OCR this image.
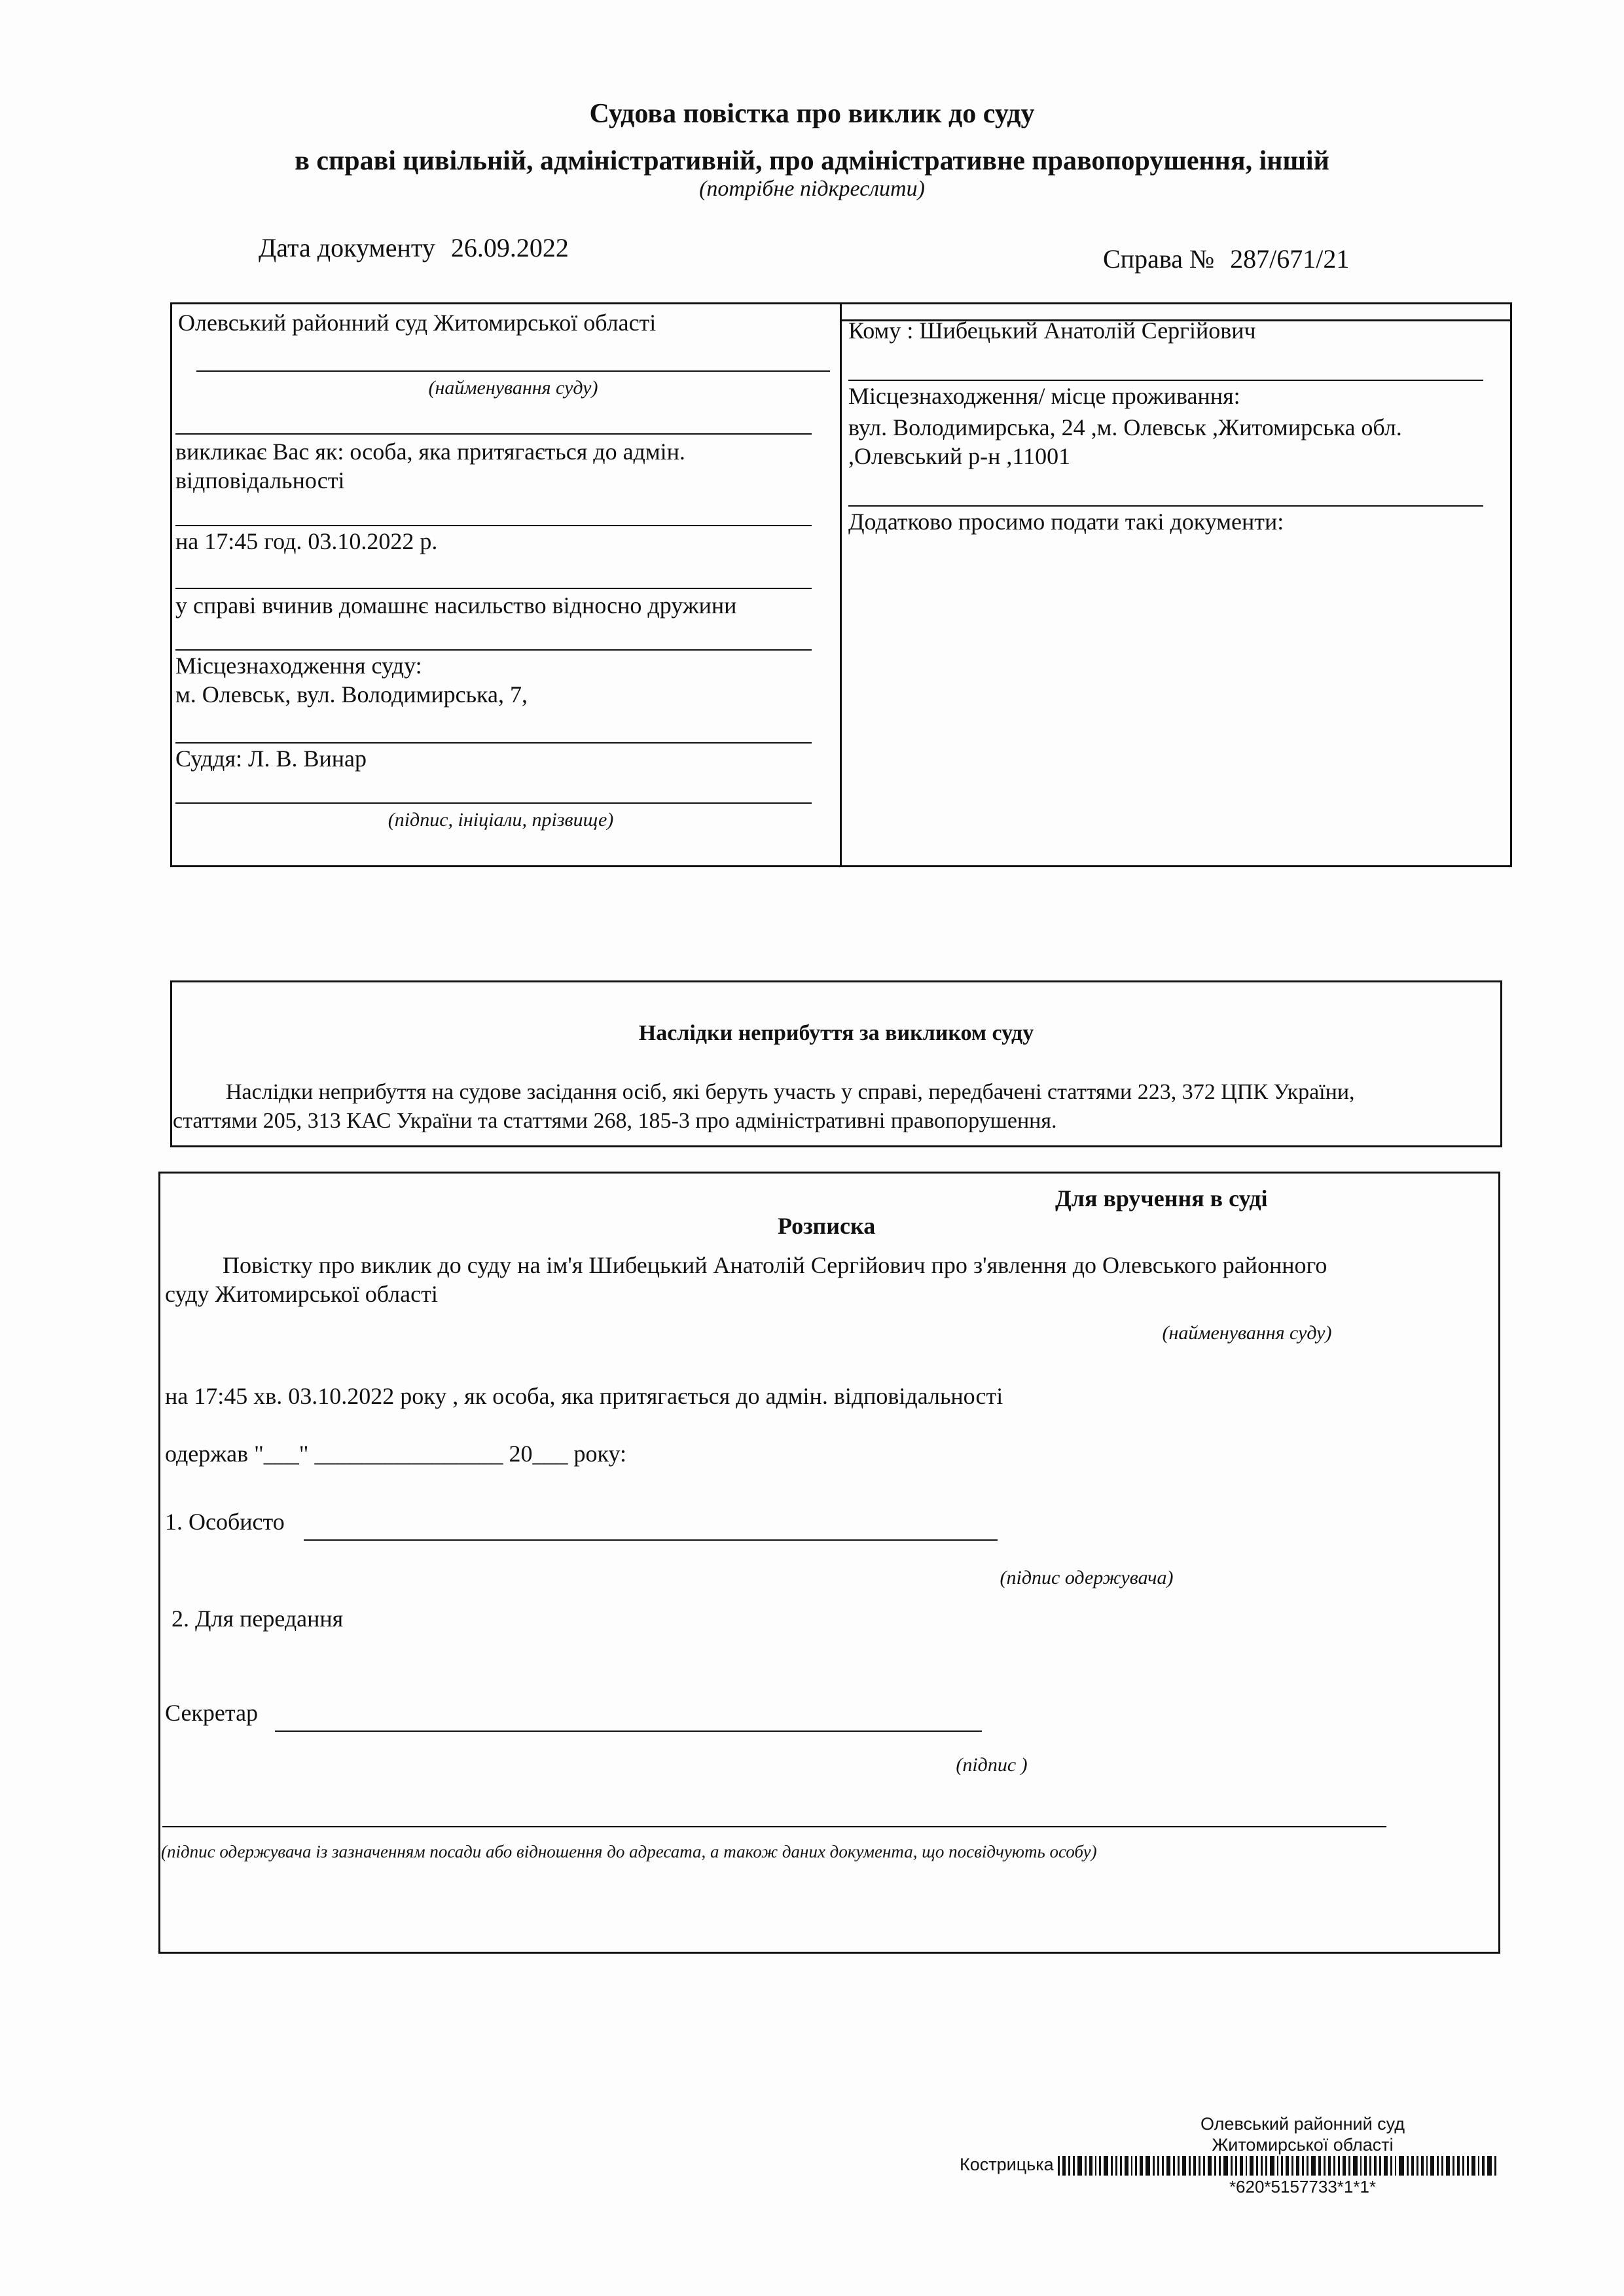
Судова повістка про виклик до суду
в справі цивільній, адміністративній, про адміністративне правопорушення, іншій
(потрібне підкреслити)
Дата документу 26.09.2022	Справа № 287/671/21
Олевський районний суд Житомирської області
(найменування суду)
викликає Вас як: особа, яка притягається до адмін. відповідальності
на 17:45 год. 03.10.2022 р.
у справі вчинив домашнє насильство відносно дружини
Місцезнаходження суду:
м. Олевськ, вул. Володимирська, 7,
Суддя: Л. В. Винар
(підпис, ініціали, прізвище)
Кому : Шибецький Анатолій Сергійович
Місцезнаходження/ місце проживання:
вул. Володимирська, 24 ,м. Олевськ ,Житомирська обл.
,Олевський р-н ,11001
Додатково просимо подати такі документи:
Наслідки неприбуття за викликом суду
Наслідки неприбуття на судове засідання осіб, які беруть участь у справі, передбачені статтями 223, 372 ЦПК України,
статтями 205, 313 КАС України та статтями 268, 185-3 про адміністративні правопорушення.
Для вручення в суді
Розписка
Повістку про виклик до суду на ім'я Шибецький Анатолій Сергійович про з'явлення до Олевського районного
суду Житомирської області
(найменування суду)
на 17:45 хв. 03.10.2022 року , як особа, яка притягається до адмін. відповідальності
одержав "___" ________________ 20___ року:
1. Особисто
(підпис одержувача)
2. Для передання
Секретар
(підпис )
(підпис одержувача із зазначенням посади або відношення до адресата, а також даних документа, що посвідчують особу)
Олевський районний суд
Житомирської області
Кострицька
*620*5157733*1*1*
